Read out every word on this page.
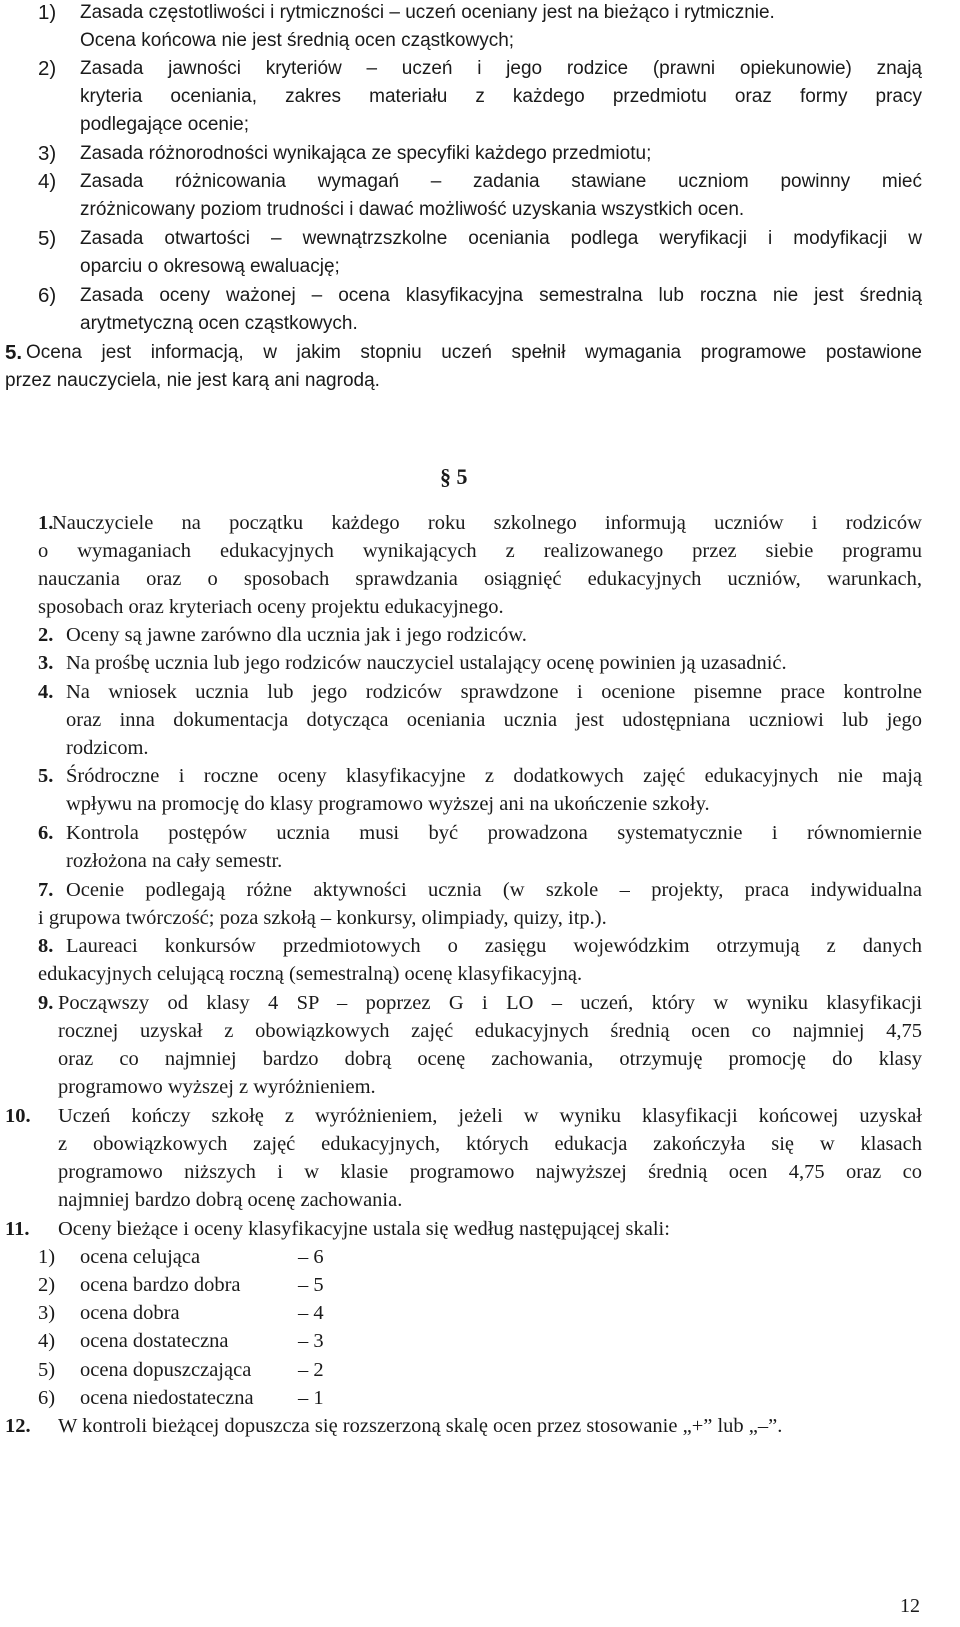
1) Zasada częstotliwości i rytmiczności – uczeń oceniany jest na bieżąco i rytmicznie.
Ocena końcowa nie jest średnią ocen cząstkowych;
2) Zasada jawności kryteriów – uczeń i jego rodzice (prawni opiekunowie) znają
kryteria oceniania, zakres materiału z każdego przedmiotu oraz formy pracy
podlegające ocenie;
3) Zasada różnorodności wynikająca ze specyfiki każdego przedmiotu;
4) Zasada różnicowania wymagań – zadania stawiane uczniom powinny mieć
zróżnicowany poziom trudności i dawać możliwość uzyskania wszystkich ocen.
5) Zasada otwartości – wewnątrzszkolne oceniania podlega weryfikacji i modyfikacji w
oparciu o okresową ewaluację;
6) Zasada oceny ważonej – ocena klasyfikacyjna semestralna lub roczna nie jest średnią
arytmetyczną ocen cząstkowych.
5. Ocena jest informacją, w jakim stopniu uczeń spełnił wymagania programowe postawione
przez nauczyciela, nie jest karą ani nagrodą.
§ 5
1.
Nauczyciele na początku każdego roku szkolnego informują uczniów i rodziców
o wymaganiach edukacyjnych wynikających z realizowanego przez siebie programu
nauczania oraz o sposobach sprawdzania osiągnięć edukacyjnych uczniów, warunkach,
sposobach oraz kryteriach oceny projektu edukacyjnego.
2. Oceny są jawne zarówno dla ucznia jak i jego rodziców.
3. Na prośbę ucznia lub jego rodziców nauczyciel ustalający ocenę powinien ją uzasadnić.
4. Na wniosek ucznia lub jego rodziców sprawdzone i ocenione pisemne prace kontrolne
oraz inna dokumentacja dotycząca oceniania ucznia jest udostępniana uczniowi lub jego
rodzicom.
5. Śródroczne i roczne oceny klasyfikacyjne z dodatkowych zajęć edukacyjnych nie mają
wpływu na promocję do klasy programowo wyższej ani na ukończenie szkoły.
6. Kontrola postępów ucznia musi być prowadzona systematycznie i równomiernie
rozłożona na cały semestr.
7. Ocenie podlegają różne aktywności ucznia (w szkole – projekty, praca indywidualna
i grupowa twórczość; poza szkołą – konkursy, olimpiady, quizy, itp.).
8. Laureaci konkursów przedmiotowych o zasięgu wojewódzkim otrzymują z danych
edukacyjnych celującą roczną (semestralną) ocenę klasyfikacyjną.
9. Począwszy od klasy 4 SP – poprzez G i LO – uczeń, który w wyniku klasyfikacji
rocznej uzyskał z obowiązkowych zajęć edukacyjnych średnią ocen co najmniej 4,75
oraz co najmniej bardzo dobrą ocenę zachowania, otrzymuję promocję do klasy
programowo wyższej z wyróżnieniem.
10. Uczeń kończy szkołę z wyróżnieniem, jeżeli w wyniku klasyfikacji końcowej uzyskał
z obowiązkowych zajęć edukacyjnych, których edukacja zakończyła się w klasach
programowo niższych i w klasie programowo najwyższej średnią ocen 4,75 oraz co
najmniej bardzo dobrą ocenę zachowania.
11. Oceny bieżące i oceny klasyfikacyjne ustala się według następującej skali:
1) ocena celująca	– 6
2) ocena bardzo dobra	– 5
3) ocena dobra	– 4
4) ocena dostateczna	– 3
5) ocena dopuszczająca – 2
6) ocena niedostateczna – 1
12. W kontroli bieżącej dopuszcza się rozszerzoną skalę ocen przez stosowanie „+” lub „–”.
12
